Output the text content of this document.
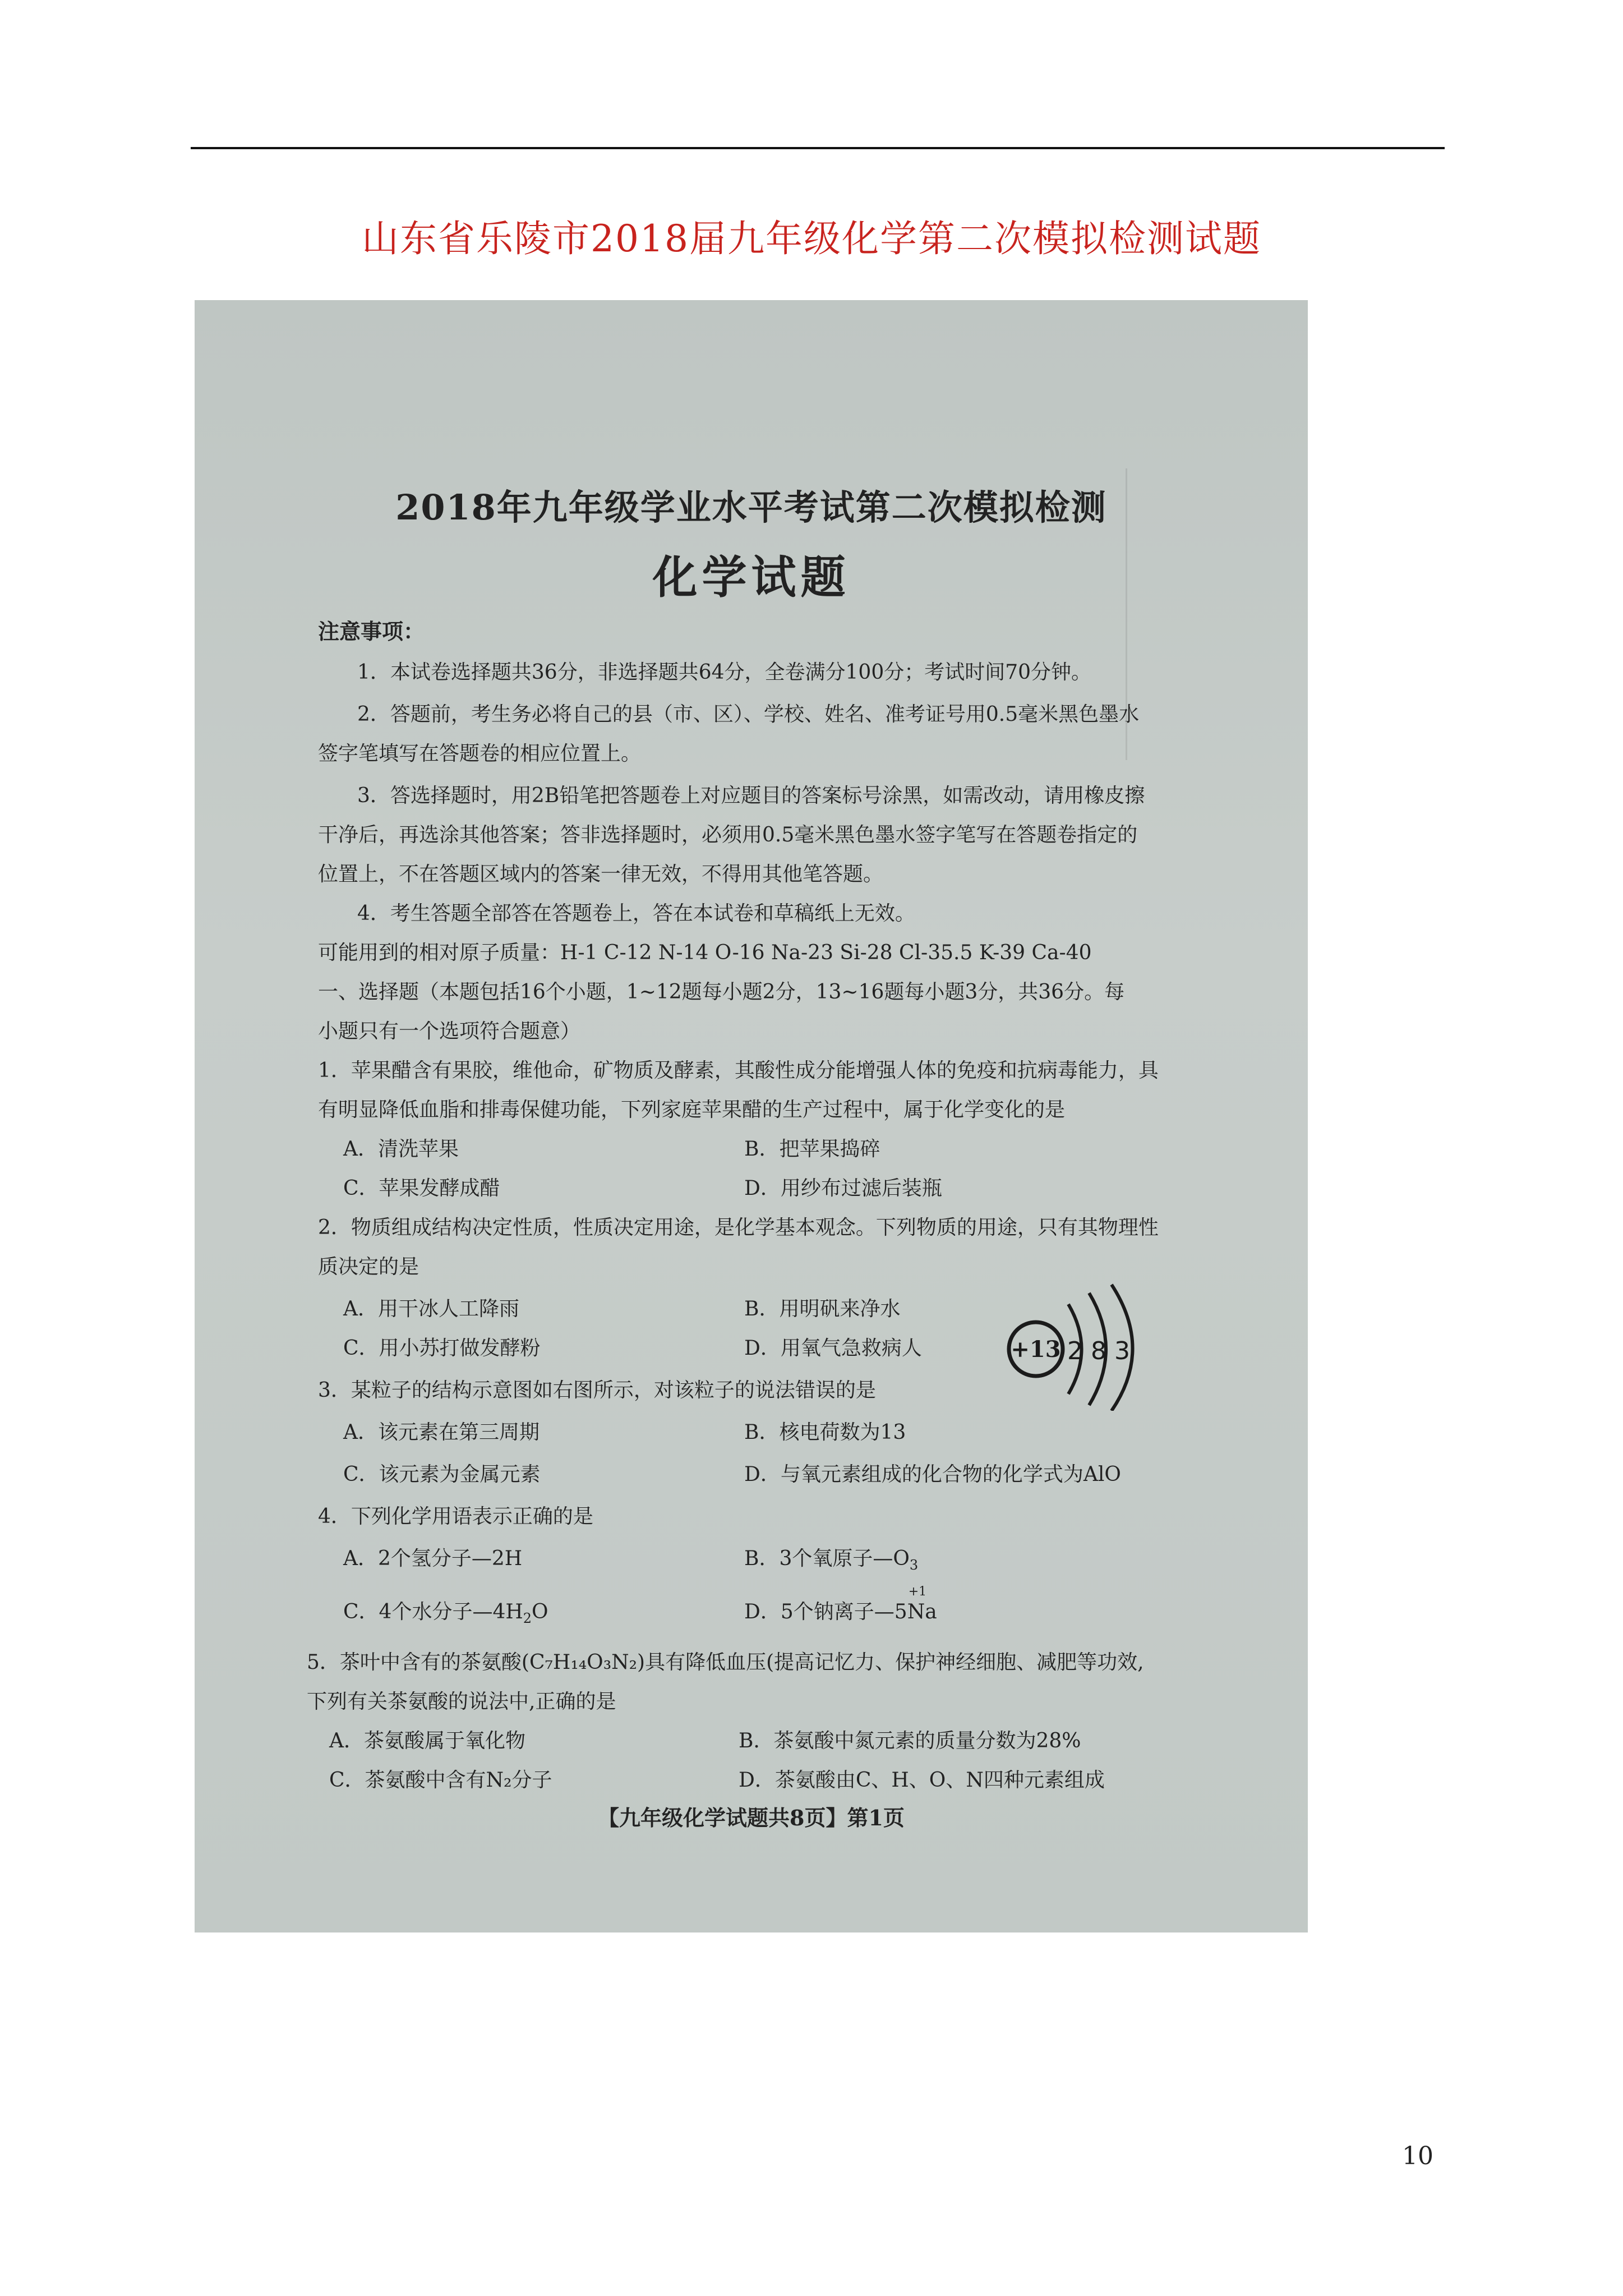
山东省乐陵市2018届九年级化学第二次模拟检测试题
2018年九年级学业水平考试第二次模拟检测
化学试题
注意事项：
1．本试卷选择题共36分，非选择题共64分，全卷满分100分；考试时间70分钟。
2．答题前，考生务必将自己的县（市、区）、学校、姓名、准考证号用0.5毫米黑色墨水
签字笔填写在答题卷的相应位置上。
3．答选择题时，用2B铅笔把答题卷上对应题目的答案标号涂黑，如需改动，请用橡皮擦
干净后，再选涂其他答案；答非选择题时，必须用0.5毫米黑色墨水签字笔写在答题卷指定的
位置上，不在答题区域内的答案一律无效，不得用其他笔答题。
4．考生答题全部答在答题卷上，答在本试卷和草稿纸上无效。
可能用到的相对原子质量：H-1 C-12 N-14 O-16 Na-23 Si-28 Cl-35.5 K-39 Ca-40
一、选择题（本题包括16个小题，1~12题每小题2分，13~16题每小题3分，共36分。每
小题只有一个选项符合题意）
1．苹果醋含有果胶，维他命，矿物质及酵素，其酸性成分能增强人体的免疫和抗病毒能力，具
有明显降低血脂和排毒保健功能，下列家庭苹果醋的生产过程中，属于化学变化的是
A．清洗苹果	B．把苹果捣碎
C．苹果发酵成醋	D．用纱布过滤后装瓶
2．物质组成结构决定性质，性质决定用途，是化学基本观念。下列物质的用途，只有其物理性
质决定的是
A．用干冰人工降雨	B．用明矾来净水
C．用小苏打做发酵粉	D．用氧气急救病人
3．某粒子的结构示意图如右图所示，对该粒子的说法错误的是
A．该元素在第三周期	B．核电荷数为13
C．该元素为金属元素	D．与氧元素组成的化合物的化学式为AlO
4．下列化学用语表示正确的是
A．2个氢分子—2H	B．3个氧原子$—O_3$
C．4个水分子$—4H_2O$	D．5个钠离子—5
+1
Na
5．茶叶中含有的茶氨酸(C₇H₁₄O₃N₂)具有降低血压(提高记忆力、保护神经细胞、减肥等功效,
下列有关茶氨酸的说法中,正确的是
A．茶氨酸属于氧化物	B．茶氨酸中氮元素的质量分数为28%
C．茶氨酸中含有N₂分子	D．茶氨酸由C、H、O、N四种元素组成
+13 2 8 3
【九年级化学试题共8页】第1页
10
